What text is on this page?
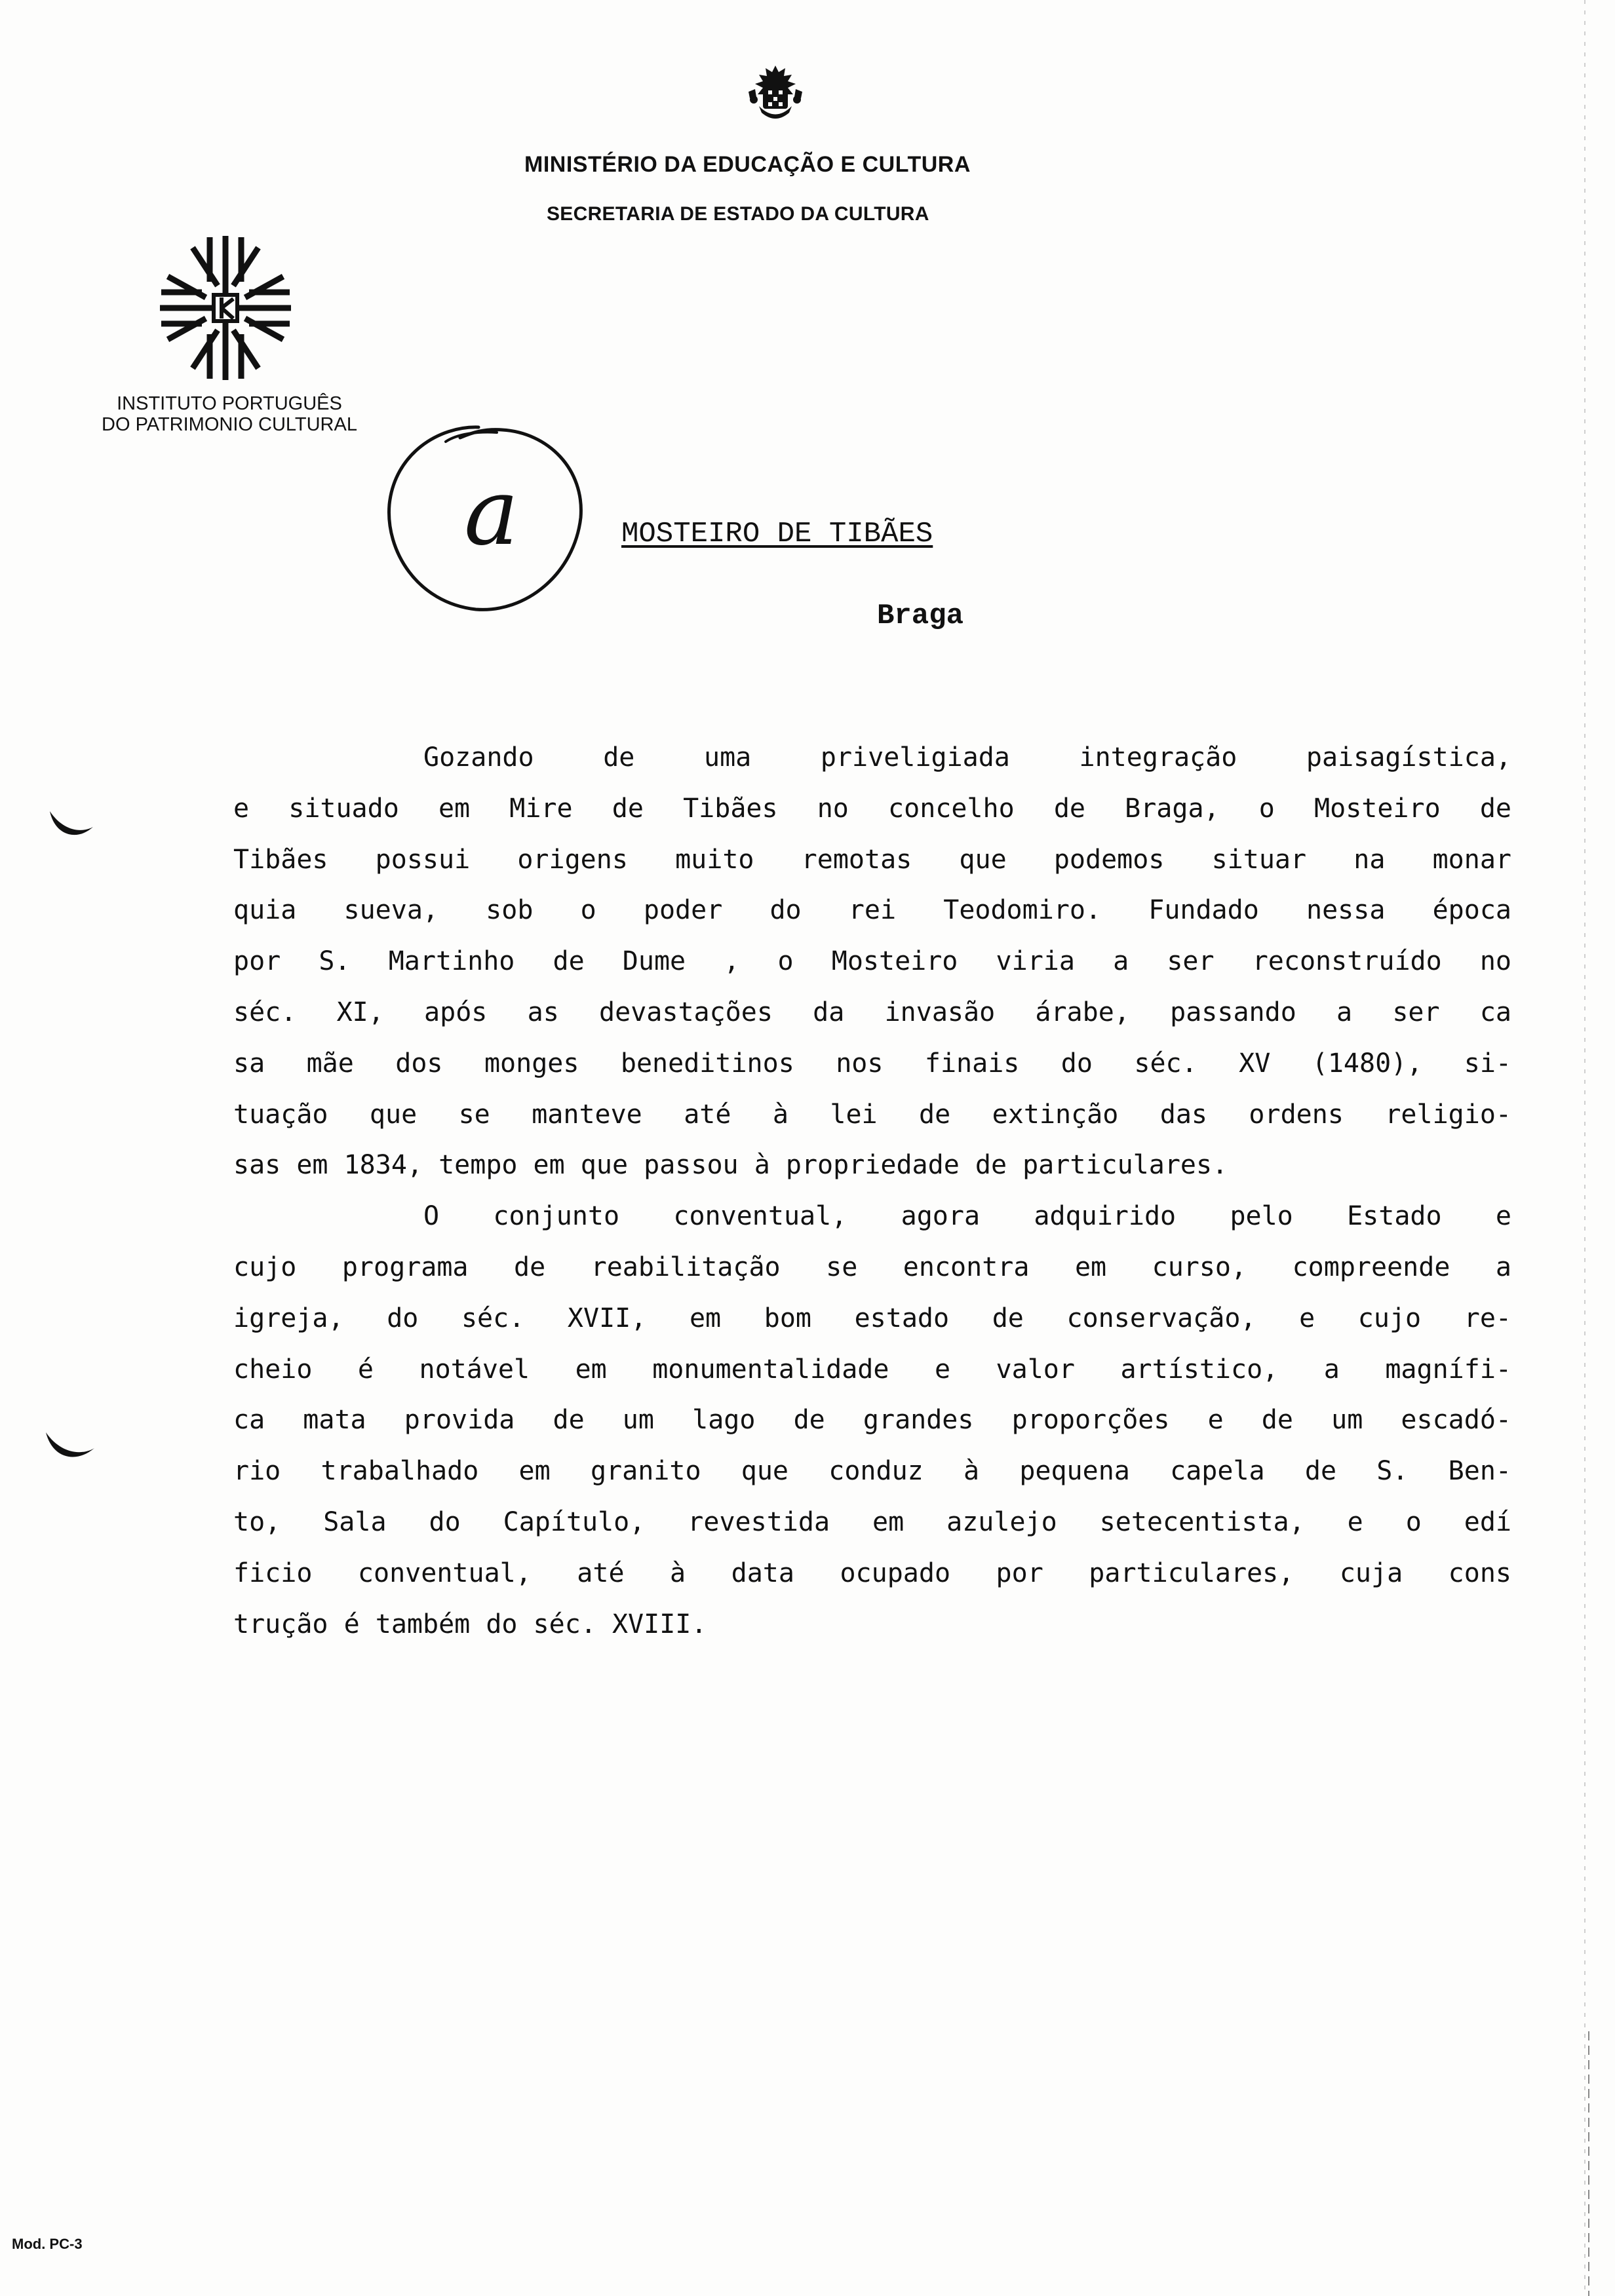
MINISTÉRIO DA EDUCAÇÃO E CULTURA
SECRETARIA DE ESTADO DA CULTURA
INSTITUTO PORTUGUÊS
DO PATRIMONIO CULTURAL
a	MOSTEIRO DE TIBÃES
Braga
Gozando de uma priveligiada integração paisagística,
e situado em Mire de Tibães no concelho de Braga, o Mosteiro de
Tibães possui origens muito remotas que podemos situar na monar
quia sueva, sob o poder do rei Teodomiro. Fundado nessa época
por S. Martinho de Dume , o Mosteiro viria a ser reconstruído no
séc. XI, após as devastações da invasão árabe, passando a ser ca
sa mãe dos monges beneditinos nos finais do séc. XV (1480), si-
tuação que se manteve até à lei de extinção das ordens religio-
sas em 1834, tempo em que passou à propriedade de particulares.
O conjunto conventual, agora adquirido pelo Estado e
cujo programa de reabilitação se encontra em curso, compreende a
igreja, do séc. XVII, em bom estado de conservação, e cujo re-
cheio é notável em monumentalidade e valor artístico, a magnífi-
ca mata provida de um lago de grandes proporções e de um escadó-
rio trabalhado em granito que conduz à pequena capela de S. Ben-
to, Sala do Capítulo, revestida em azulejo setecentista, e o edí
ficio conventual, até à data ocupado por particulares, cuja cons
trução é também do séc. XVIII.
Mod. PC-3
